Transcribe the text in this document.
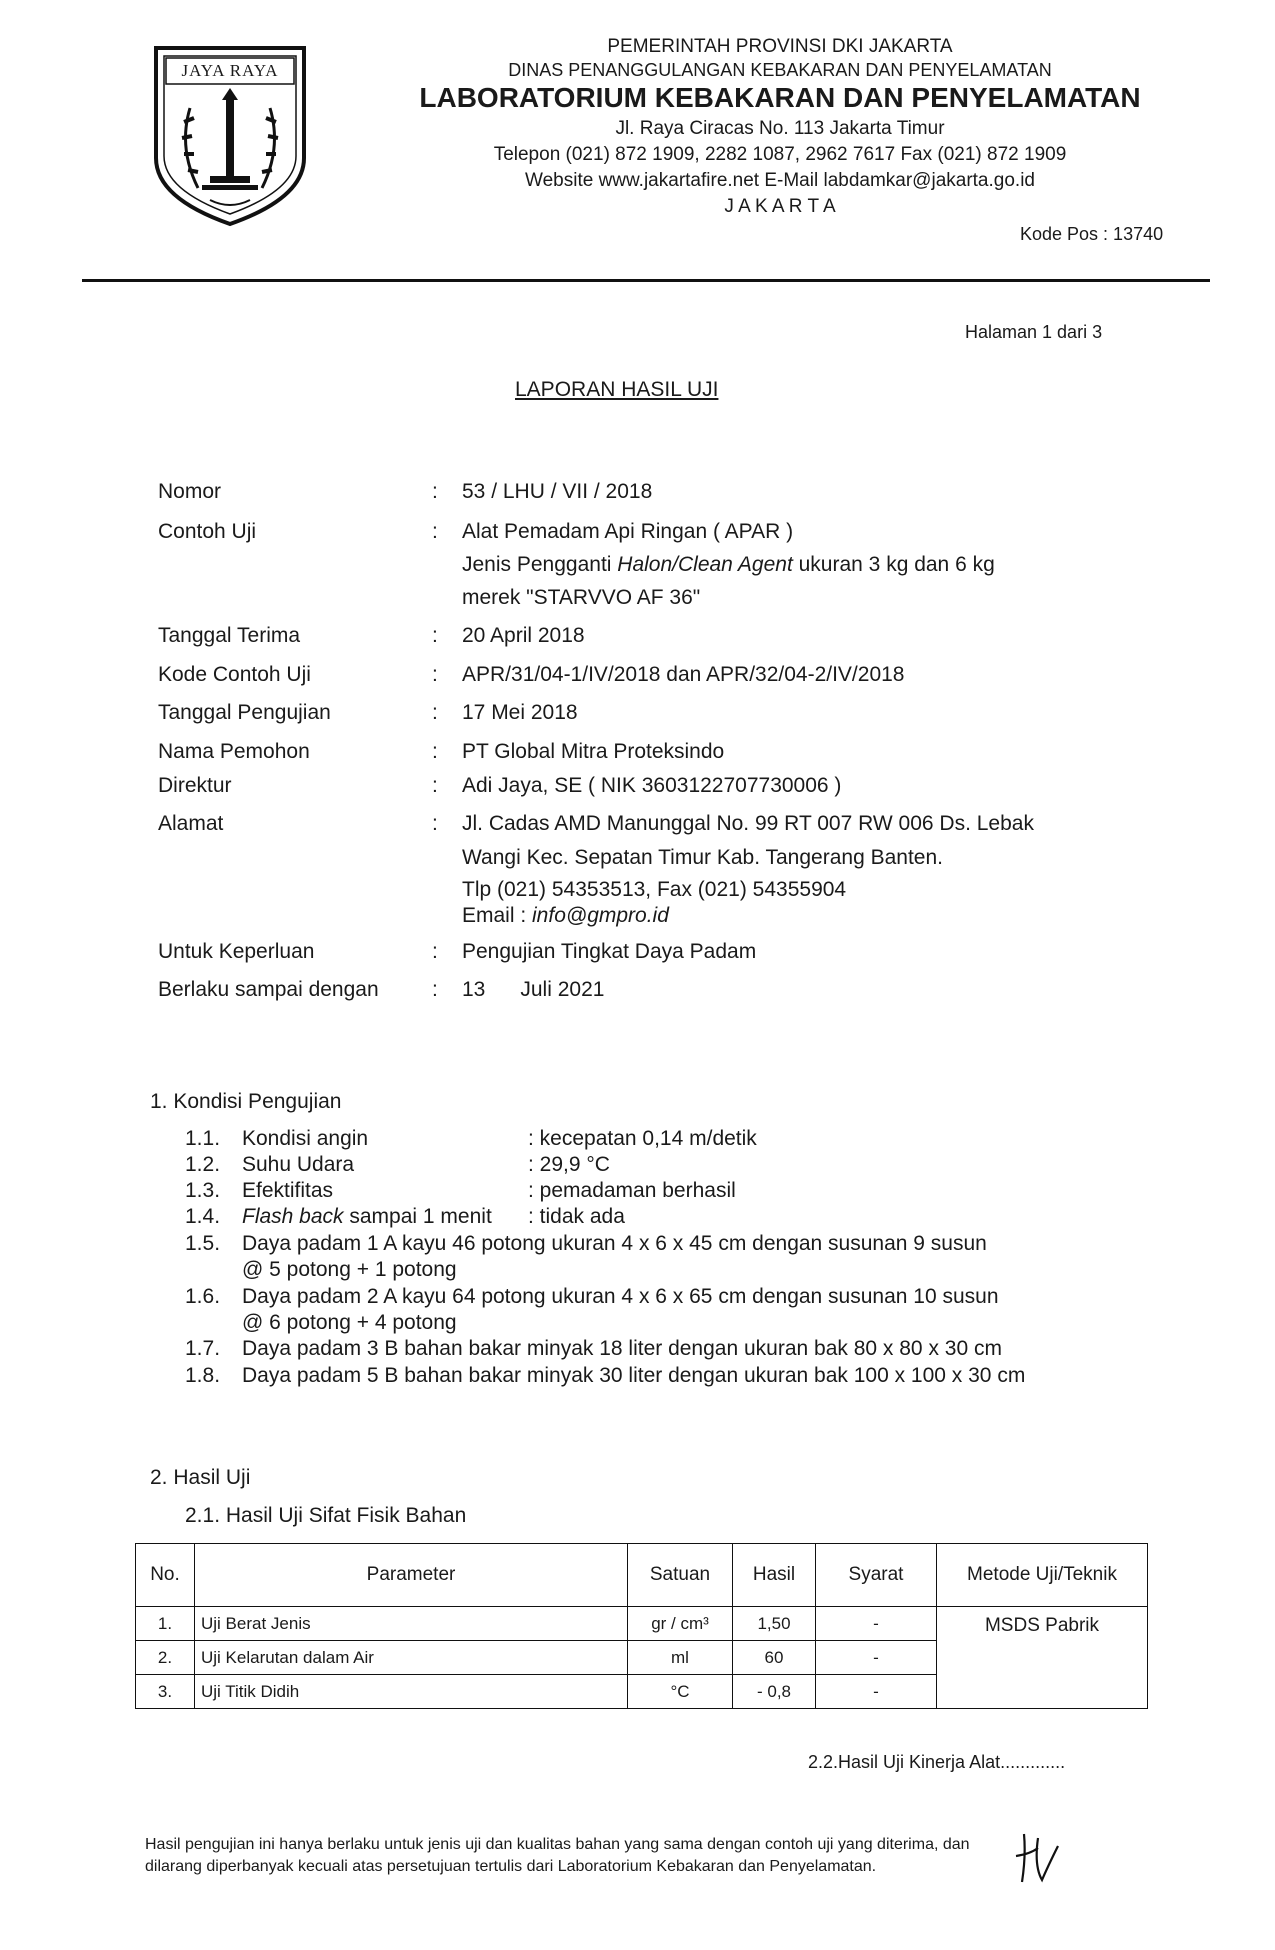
JAYA RAYA
PEMERINTAH PROVINSI DKI JAKARTA
DINAS PENANGGULANGAN KEBAKARAN DAN PENYELAMATAN
LABORATORIUM KEBAKARAN DAN PENYELAMATAN
Jl. Raya Ciracas No. 113 Jakarta Timur
Telepon (021) 872 1909, 2282 1087, 2962 7617 Fax (021) 872 1909
Website www.jakartafire.net E-Mail labdamkar@jakarta.go.id
J A K A R T A
Kode Pos : 13740
Halaman 1 dari 3
LAPORAN HASIL UJI
Nomor	: 53 / LHU / VII / 2018
Contoh Uji	: Alat Pemadam Api Ringan ( APAR )
Jenis Pengganti Halon/Clean Agent ukuran 3 kg dan 6 kg
merek "STARVVO AF 36"
Tanggal Terima	: 20 April 2018
Kode Contoh Uji	: APR/31/04-1/IV/2018 dan APR/32/04-2/IV/2018
Tanggal Pengujian	: 17 Mei 2018
Nama Pemohon	: PT Global Mitra Proteksindo
Direktur	: Adi Jaya, SE ( NIK 3603122707730006 )
Alamat	: Jl. Cadas AMD Manunggal No. 99 RT 007 RW 006 Ds. Lebak
Wangi Kec. Sepatan Timur Kab. Tangerang Banten.
Tlp (021) 54353513, Fax (021) 54355904
Email : info@gmpro.id
Untuk Keperluan	: Pengujian Tingkat Daya Padam
Berlaku sampai dengan	: 13      Juli 2021
1. Kondisi Pengujian
1.1. Kondisi angin	: kecepatan 0,14 m/detik
1.2. Suhu Udara	: 29,9 °C
1.3. Efektifitas	: pemadaman berhasil
1.4. Flash back sampai 1 menit : tidak ada
1.5. Daya padam 1 A kayu 46 potong ukuran 4 x 6 x 45 cm dengan susunan 9 susun
@ 5 potong + 1 potong
1.6. Daya padam 2 A kayu 64 potong ukuran 4 x 6 x 65 cm dengan susunan 10 susun
@ 6 potong + 4 potong
1.7. Daya padam 3 B bahan bakar minyak 18 liter dengan ukuran bak 80 x 80 x 30 cm
1.8. Daya padam 5 B bahan bakar minyak 30 liter dengan ukuran bak 100 x 100 x 30 cm
2. Hasil Uji
2.1. Hasil Uji Sifat Fisik Bahan
No.	Parameter	Satuan	Hasil	Syarat	Metode Uji/Teknik
1.	Uji Berat Jenis	gr / cm³	1,50	-	MSDS Pabrik
2.	Uji Kelarutan dalam Air	ml	60	-	
3.	Uji Titik Didih	°C	- 0,8	-	
2.2.Hasil Uji Kinerja Alat.............
Hasil pengujian ini hanya berlaku untuk jenis uji dan kualitas bahan yang sama dengan contoh uji yang diterima, dan
dilarang diperbanyak kecuali atas persetujuan tertulis dari Laboratorium Kebakaran dan Penyelamatan.
